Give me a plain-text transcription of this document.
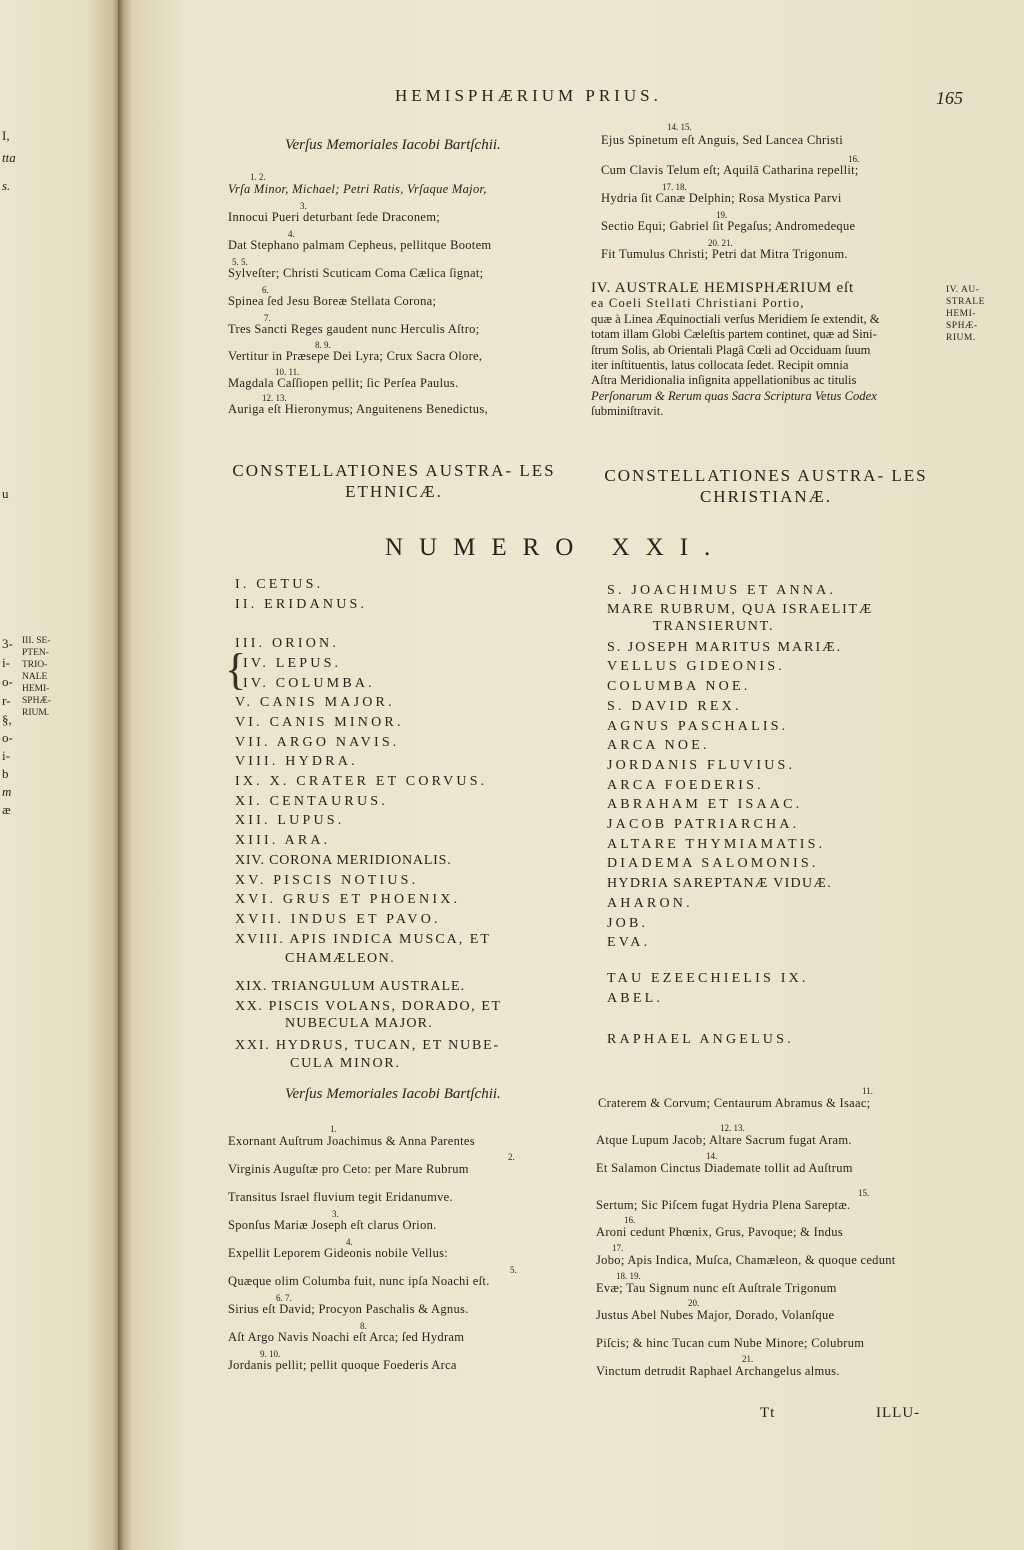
I,
tta
s.
u
III. SE-
PTEN-
TRIO-
NALE
HEMI-
SPHÆ-
RIUM.
3-
i-
o-
r-
§,
o-
i-
b
m
æ
HEMISPHÆRIUM PRIUS.	165
Verſus Memoriales Iacobi Bartſchii.
1. 2.
Vrſa Minor, Michael; Petri Ratis, Vrſaque Major,
3.
Innocui Pueri deturbant ſede Draconem;
4.
Dat Stephano palmam Cepheus, pellitque Bootem
5. 5.
Sylveſter; Christi Scuticam Coma Cælica ſignat;
6.
Spinea ſed Jesu Boreæ Stellata Corona;
7.
Tres Sancti Reges gaudent nunc Herculis Aſtro;
8. 9.
Vertitur in Præsepe Dei Lyra; Crux Sacra Olore,
10. 11.
Magdala Caſſiopen pellit; ſic Perſea Paulus.
12. 13.
Auriga eſt Hieronymus; Anguitenens Benedictus,
14. 15.
Ejus Spinetum eſt Anguis, Sed Lancea Christi
16.
Cum Clavis Telum eſt; Aquilā Catharina repellit;
17. 18.
Hydria ſit Canæ Delphin; Rosa Mystica Parvi
19.
Sectio Equi; Gabriel ſit Pegaſus; Andromedeque
20. 21.
Fit Tumulus Christi; Petri dat Mitra Trigonum.

IV. AUSTRALE HEMISPHÆRIUM eſt

ea Coeli Stellati Christiani Portio,

quæ à Linea Æquinoctiali verſus Meridiem ſe extendit, &

totam illam Globi Cæleſtis partem continet, quæ ad Sini-

ſtrum Solis, ab Orientali Plagâ Cœli ad Occiduam ſuum

iter inſtituentis, latus collocata ſedet. Recipit omnia

Aſtra Meridionalia inſignita appellationibus ac titulis

Perſonarum & Rerum quas Sacra Scriptura Vetus Codex

ſubminiſtravit.

IV. AU-
STRALE
HEMI-
SPHÆ-
RIUM.
CONSTELLATIONES AUSTRA- LES ETHNICÆ.
CONSTELLATIONES AUSTRA- LES CHRISTIANÆ.
NUMERO XXI.
{
I. CETUS.
II. ERIDANUS.
III. ORION.
IV. LEPUS.
IV. COLUMBA.
V. CANIS MAJOR.
VI. CANIS MINOR.
VII. ARGO NAVIS.
VIII. HYDRA.
IX. X. CRATER ET CORVUS.
XI. CENTAURUS.
XII. LUPUS.
XIII. ARA.
XIV. CORONA MERIDIONALIS.
XV. PISCIS NOTIUS.
XVI. GRUS ET PHOENIX.
XVII. INDUS ET PAVO.
XVIII. APIS INDICA MUSCA, ET
CHAMÆLEON.
XIX. TRIANGULUM AUSTRALE.
XX. PISCIS VOLANS, DORADO, ET
NUBECULA MAJOR.
XXI. HYDRUS, TUCAN, ET NUBE-
CULA MINOR.
S. JOACHIMUS ET ANNA.
MARE RUBRUM, QUA ISRAELITÆ
TRANSIERUNT.
S. JOSEPH MARITUS MARIÆ.
VELLUS GIDEONIS.
COLUMBA NOE.
S. DAVID REX.
AGNUS PASCHALIS.
ARCA NOE.
JORDANIS FLUVIUS.
ARCA FOEDERIS.
ABRAHAM ET ISAAC.
JACOB PATRIARCHA.
ALTARE THYMIAMATIS.
DIADEMA SALOMONIS.
HYDRIA SAREPTANÆ VIDUÆ.
AHARON.
JOB.
EVA.
TAU EZEECHIELIS IX.
ABEL.
RAPHAEL ANGELUS.
Verſus Memoriales Iacobi Bartſchii.
1.
Exornant Auſtrum Joachimus & Anna Parentes
2.
Virginis Auguſtæ pro Ceto: per Mare Rubrum
Transitus Israel fluvium tegit Eridanumve.
3.
Sponſus Mariæ Joseph eſt clarus Orion.
4.
Expellit Leporem Gideonis nobile Vellus:
5.
Quæque olim Columba fuit, nunc ipſa Noachi eſt.
6. 7.
Sirius eſt David; Procyon Paschalis & Agnus.
8.
Aſt Argo Navis Noachi eſt Arca; ſed Hydram
9. 10.
Jordanis pellit; pellit quoque Foederis Arca
11.
Craterem & Corvum; Centaurum Abramus & Isaac;
12. 13.
Atque Lupum Jacob; Altare Sacrum fugat Aram.
14.
Et Salamon Cinctus Diademate tollit ad Auſtrum
15.
Sertum; Sic Piſcem fugat Hydria Plena Sareptæ.
16.
Aroni cedunt Phœnix, Grus, Pavoque; & Indus
17.
Jobo; Apis Indica, Muſca, Chamæleon, & quoque cedunt
18. 19.
Evæ; Tau Signum nunc eſt Auſtrale Trigonum
20.
Justus Abel Nubes Major, Dorado, Volanſque
Piſcis; & hinc Tucan cum Nube Minore; Colubrum
21.
Vinctum detrudit Raphael Archangelus almus.
Tt	ILLU-
